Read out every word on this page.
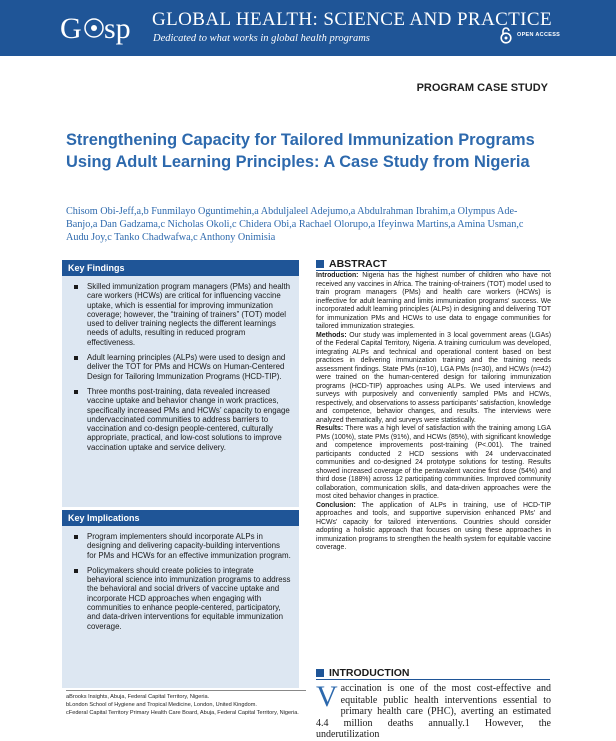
G sp GLOBAL HEALTH: SCIENCE AND PRACTICE
Dedicated to what works in global health programs	OPEN ACCESS
PROGRAM CASE STUDY
Strengthening Capacity for Tailored Immunization Programs Using Adult Learning Principles: A Case Study from Nigeria
Chisom Obi-Jeff,a,b Funmilayo Oguntimehin,a Abduljaleel Adejumo,a Abdulrahman Ibrahim,a Olympus Ade-Banjo,a Dan Gadzama,c Nicholas Okoli,c Chidera Obi,a Rachael Olorupo,a Ifeyinwa Martins,a Amina Usman,c Audu Joy,c Tanko Chadwafwa,c Anthony Onimisia
Key Findings
Skilled immunization program managers (PMs) and health care workers (HCWs) are critical for influencing vaccine uptake, which is essential for improving immunization coverage; however, the “training of trainers” (TOT) model used to deliver training neglects the different learnings needs of adults, resulting in reduced program effectiveness.
Adult learning principles (ALPs) were used to design and deliver the TOT for PMs and HCWs on Human-Centered Design for Tailoring Immunization Programs (HCD-TIP).
Three months post-training, data revealed increased vaccine uptake and behavior change in work practices, specifically increased PMs and HCWs’ capacity to engage undervaccinated communities to address barriers to vaccination and co-design people-centered, culturally appropriate, practical, and low-cost solutions to improve vaccination uptake and service delivery.
Key Implications
Program implementers should incorporate ALPs in designing and delivering capacity-building interventions for PMs and HCWs for an effective immunization program.
Policymakers should create policies to integrate behavioral science into immunization programs to address the behavioral and social drivers of vaccine uptake and incorporate HCD approaches when engaging with communities to enhance people-centered, participatory, and data-driven interventions for equitable immunization coverage.
aBrooks Insights, Abuja, Federal Capital Territory, Nigeria.
bLondon School of Hygiene and Tropical Medicine, London, United Kingdom.
cFederal Capital Territory Primary Health Care Board, Abuja, Federal Capital Territory, Nigeria.
ABSTRACT

Introduction: Nigeria has the highest number of children who have not received any vaccines in Africa. The training-of-trainers (TOT) model used to train program managers (PMs) and health care workers (HCWs) is ineffective for adult learning and limits immunization programs’ success. We incorporated adult learning principles (ALPs) in designing and delivering TOT for immunization PMs and HCWs to use data to engage communities for tailored immunization strategies.

Methods: Our study was implemented in 3 local government areas (LGAs) of the Federal Capital Territory, Nigeria. A training curriculum was developed, integrating ALPs and technical and operational content based on best practices in delivering immunization training and the training needs assessment findings. State PMs (n=10), LGA PMs (n=30), and HCWs (n=42) were trained on the human-centered design for tailoring immunization programs (HCD-TIP) approaches using ALPs. We used interviews and surveys with purposively and conveniently sampled PMs and HCWs, respectively, and observations to assess participants’ satisfaction, knowledge and competence, behavior changes, and results. The interviews were analyzed thematically, and surveys were statistically.

Results: There was a high level of satisfaction with the training among LGA PMs (100%), state PMs (91%), and HCWs (85%), with significant knowledge and competence improvements post-training (P<.001). The trained participants conducted 2 HCD sessions with 24 undervaccinated communities and co-designed 24 prototype solutions for testing. Results showed increased coverage of the pentavalent vaccine first dose (54%) and third dose (188%) across 12 participating communities. Improved community collaboration, communication skills, and data-driven approaches were the most cited behavior changes in practice.

Conclusion: The application of ALPs in training, use of HCD-TIP approaches and tools, and supportive supervision enhanced PMs’ and HCWs’ capacity for tailored interventions. Countries should consider adopting a holistic approach that focuses on using these approaches in immunization programs to strengthen the health system for equitable vaccine coverage.

INTRODUCTION
Vaccination is one of the most cost-effective and equitable public health interventions essential to primary health care (PHC), averting an estimated 4.4 million deaths annually.1 However, the underutilization
